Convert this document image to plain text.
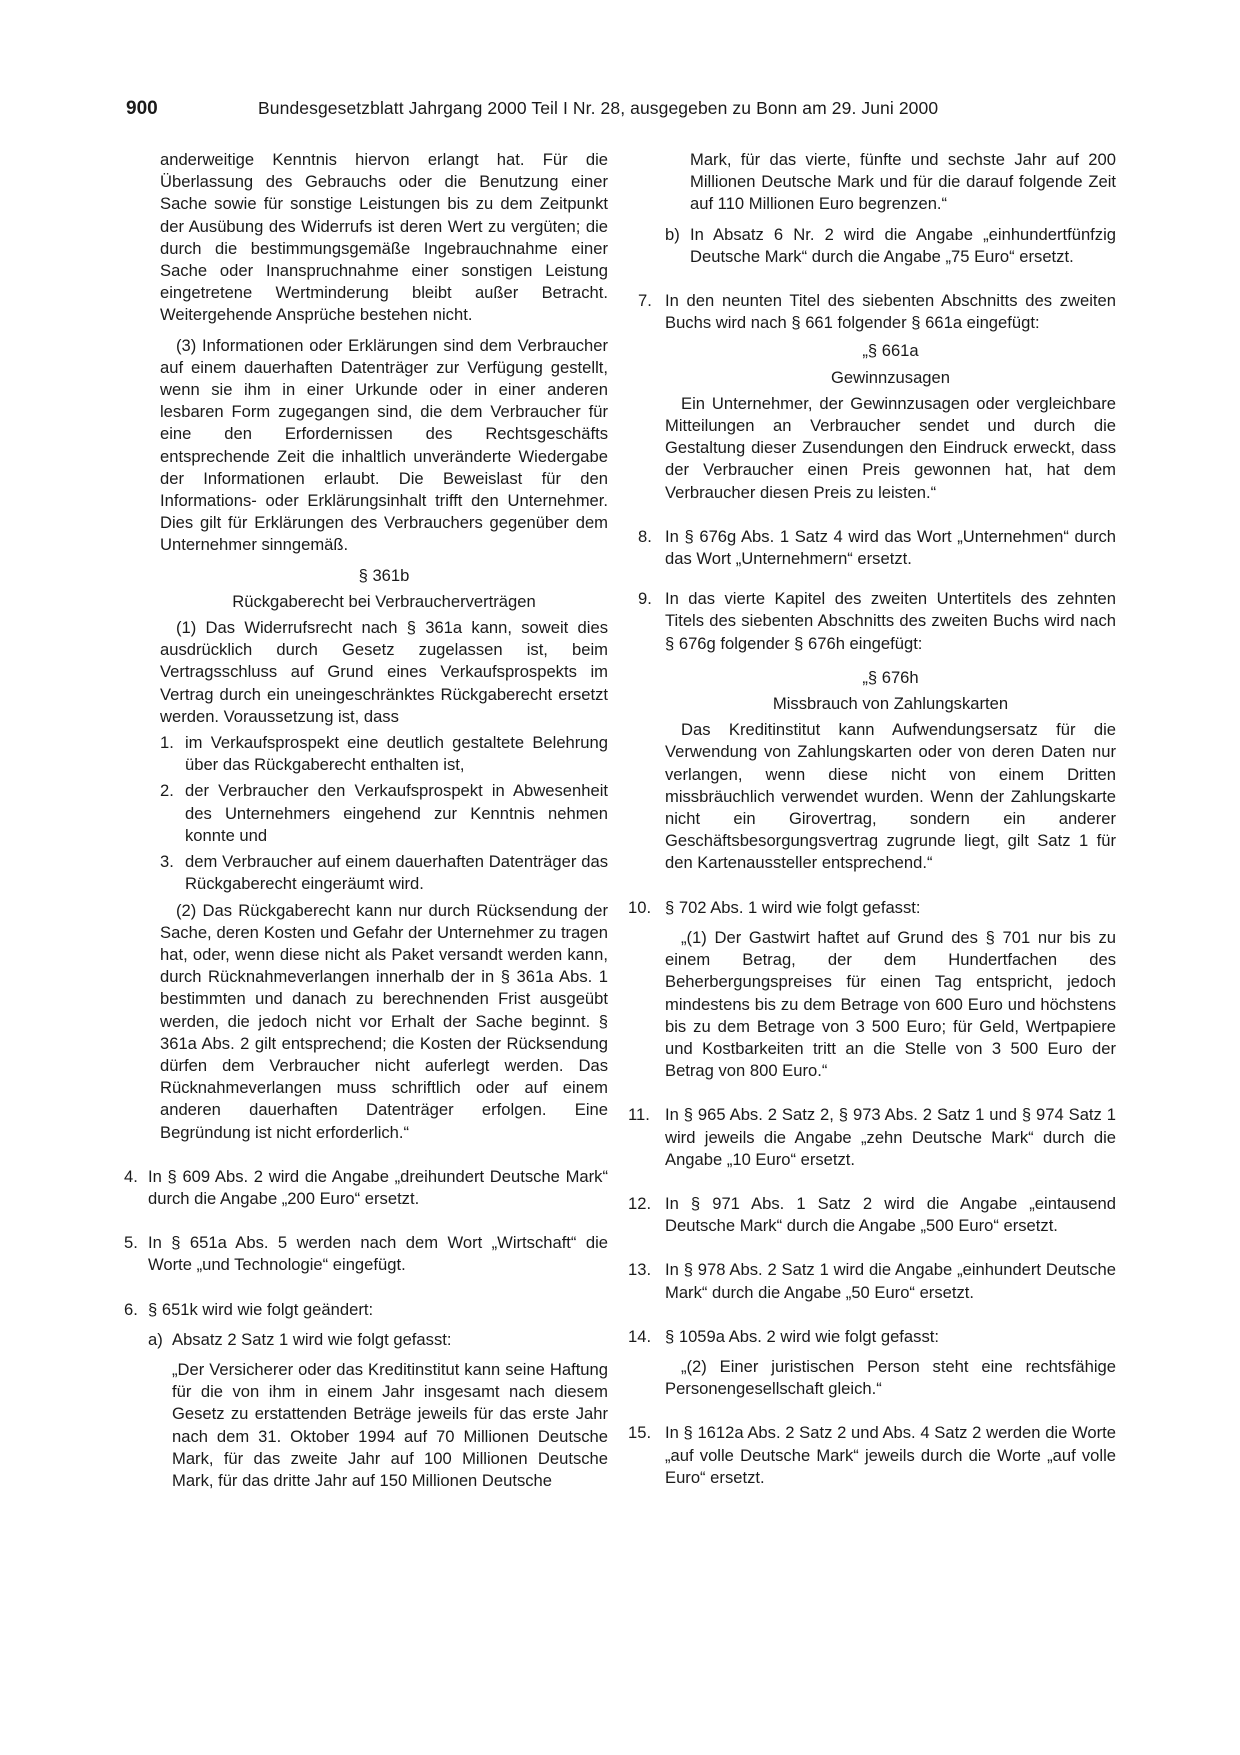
900	Bundesgesetzblatt Jahrgang 2000 Teil I Nr. 28, ausgegeben zu Bonn am 29. Juni 2000

anderweitige Kenntnis hiervon erlangt hat. Für die Überlassung des Gebrauchs oder die Benutzung einer Sache sowie für sonstige Leistungen bis zu dem Zeitpunkt der Ausübung des Widerrufs ist deren Wert zu vergüten; die durch die bestimmungsgemäße Ingebrauchnahme einer Sache oder Inanspruchnahme einer sonstigen Leistung eingetretene Wertminderung bleibt außer Betracht. Weitergehende Ansprüche bestehen nicht.

(3) Informationen oder Erklärungen sind dem Verbraucher auf einem dauerhaften Datenträger zur Verfügung gestellt, wenn sie ihm in einer Urkunde oder in einer anderen lesbaren Form zugegangen sind, die dem Verbraucher für eine den Erfordernissen des Rechtsgeschäfts entsprechende Zeit die inhaltlich unveränderte Wiedergabe der Informationen erlaubt. Die Beweislast für den Informations- oder Erklärungsinhalt trifft den Unternehmer. Dies gilt für Erklärungen des Verbrauchers gegenüber dem Unternehmer sinngemäß.

§ 361b

Rückgaberecht bei Verbraucherverträgen

(1) Das Widerrufsrecht nach § 361a kann, soweit dies ausdrücklich durch Gesetz zugelassen ist, beim Vertragsschluss auf Grund eines Verkaufsprospekts im Vertrag durch ein uneingeschränktes Rückgaberecht ersetzt werden. Voraussetzung ist, dass

1. im Verkaufsprospekt eine deutlich gestaltete Belehrung über das Rückgaberecht enthalten ist,
2. der Verbraucher den Verkaufsprospekt in Abwesenheit des Unternehmers eingehend zur Kenntnis nehmen konnte und
3. dem Verbraucher auf einem dauerhaften Datenträger das Rückgaberecht eingeräumt wird.

(2) Das Rückgaberecht kann nur durch Rücksendung der Sache, deren Kosten und Gefahr der Unternehmer zu tragen hat, oder, wenn diese nicht als Paket versandt werden kann, durch Rücknahmeverlangen innerhalb der in § 361a Abs. 1 bestimmten und danach zu berechnenden Frist ausgeübt werden, die jedoch nicht vor Erhalt der Sache beginnt. § 361a Abs. 2 gilt entsprechend; die Kosten der Rücksendung dürfen dem Verbraucher nicht auferlegt werden. Das Rücknahmeverlangen muss schriftlich oder auf einem anderen dauerhaften Datenträger erfolgen. Eine Begründung ist nicht erforderlich.“

4. In § 609 Abs. 2 wird die Angabe „dreihundert Deutsche Mark“ durch die Angabe „200 Euro“ ersetzt.
5. In § 651a Abs. 5 werden nach dem Wort „Wirtschaft“ die Worte „und Technologie“ eingefügt.
6. § 651k wird wie folgt geändert:
a) Absatz 2 Satz 1 wird wie folgt gefasst:

„Der Versicherer oder das Kreditinstitut kann seine Haftung für die von ihm in einem Jahr insgesamt nach diesem Gesetz zu erstattenden Beträge jeweils für das erste Jahr nach dem 31. Oktober 1994 auf 70 Millionen Deutsche Mark, für das zweite Jahr auf 100 Millionen Deutsche Mark, für das dritte Jahr auf 150 Millionen Deutsche

Mark, für das vierte, fünfte und sechste Jahr auf 200 Millionen Deutsche Mark und für die darauf folgende Zeit auf 110 Millionen Euro begrenzen.“

b) In Absatz 6 Nr. 2 wird die Angabe „einhundertfünfzig Deutsche Mark“ durch die Angabe „75 Euro“ ersetzt.
7. In den neunten Titel des siebenten Abschnitts des zweiten Buchs wird nach § 661 folgender § 661a eingefügt:

„§ 661a

Gewinnzusagen

Ein Unternehmer, der Gewinnzusagen oder vergleichbare Mitteilungen an Verbraucher sendet und durch die Gestaltung dieser Zusendungen den Eindruck erweckt, dass der Verbraucher einen Preis gewonnen hat, hat dem Verbraucher diesen Preis zu leisten.“

8. In § 676g Abs. 1 Satz 4 wird das Wort „Unternehmen“ durch das Wort „Unternehmern“ ersetzt.
9. In das vierte Kapitel des zweiten Untertitels des zehnten Titels des siebenten Abschnitts des zweiten Buchs wird nach § 676g folgender § 676h eingefügt:

„§ 676h

Missbrauch von Zahlungskarten

Das Kreditinstitut kann Aufwendungsersatz für die Verwendung von Zahlungskarten oder von deren Daten nur verlangen, wenn diese nicht von einem Dritten missbräuchlich verwendet wurden. Wenn der Zahlungskarte nicht ein Girovertrag, sondern ein anderer Geschäftsbesorgungsvertrag zugrunde liegt, gilt Satz 1 für den Kartenaussteller entsprechend.“

10. § 702 Abs. 1 wird wie folgt gefasst:

„(1) Der Gastwirt haftet auf Grund des § 701 nur bis zu einem Betrag, der dem Hundertfachen des Beherbergungspreises für einen Tag entspricht, jedoch mindestens bis zu dem Betrage von 600 Euro und höchstens bis zu dem Betrage von 3 500 Euro; für Geld, Wertpapiere und Kostbarkeiten tritt an die Stelle von 3 500 Euro der Betrag von 800 Euro.“

11. In § 965 Abs. 2 Satz 2, § 973 Abs. 2 Satz 1 und § 974 Satz 1 wird jeweils die Angabe „zehn Deutsche Mark“ durch die Angabe „10 Euro“ ersetzt.
12. In § 971 Abs. 1 Satz 2 wird die Angabe „eintausend Deutsche Mark“ durch die Angabe „500 Euro“ ersetzt.
13. In § 978 Abs. 2 Satz 1 wird die Angabe „einhundert Deutsche Mark“ durch die Angabe „50 Euro“ ersetzt.
14. § 1059a Abs. 2 wird wie folgt gefasst:

„(2) Einer juristischen Person steht eine rechtsfähige Personengesellschaft gleich.“

15. In § 1612a Abs. 2 Satz 2 und Abs. 4 Satz 2 werden die Worte „auf volle Deutsche Mark“ jeweils durch die Worte „auf volle Euro“ ersetzt.
